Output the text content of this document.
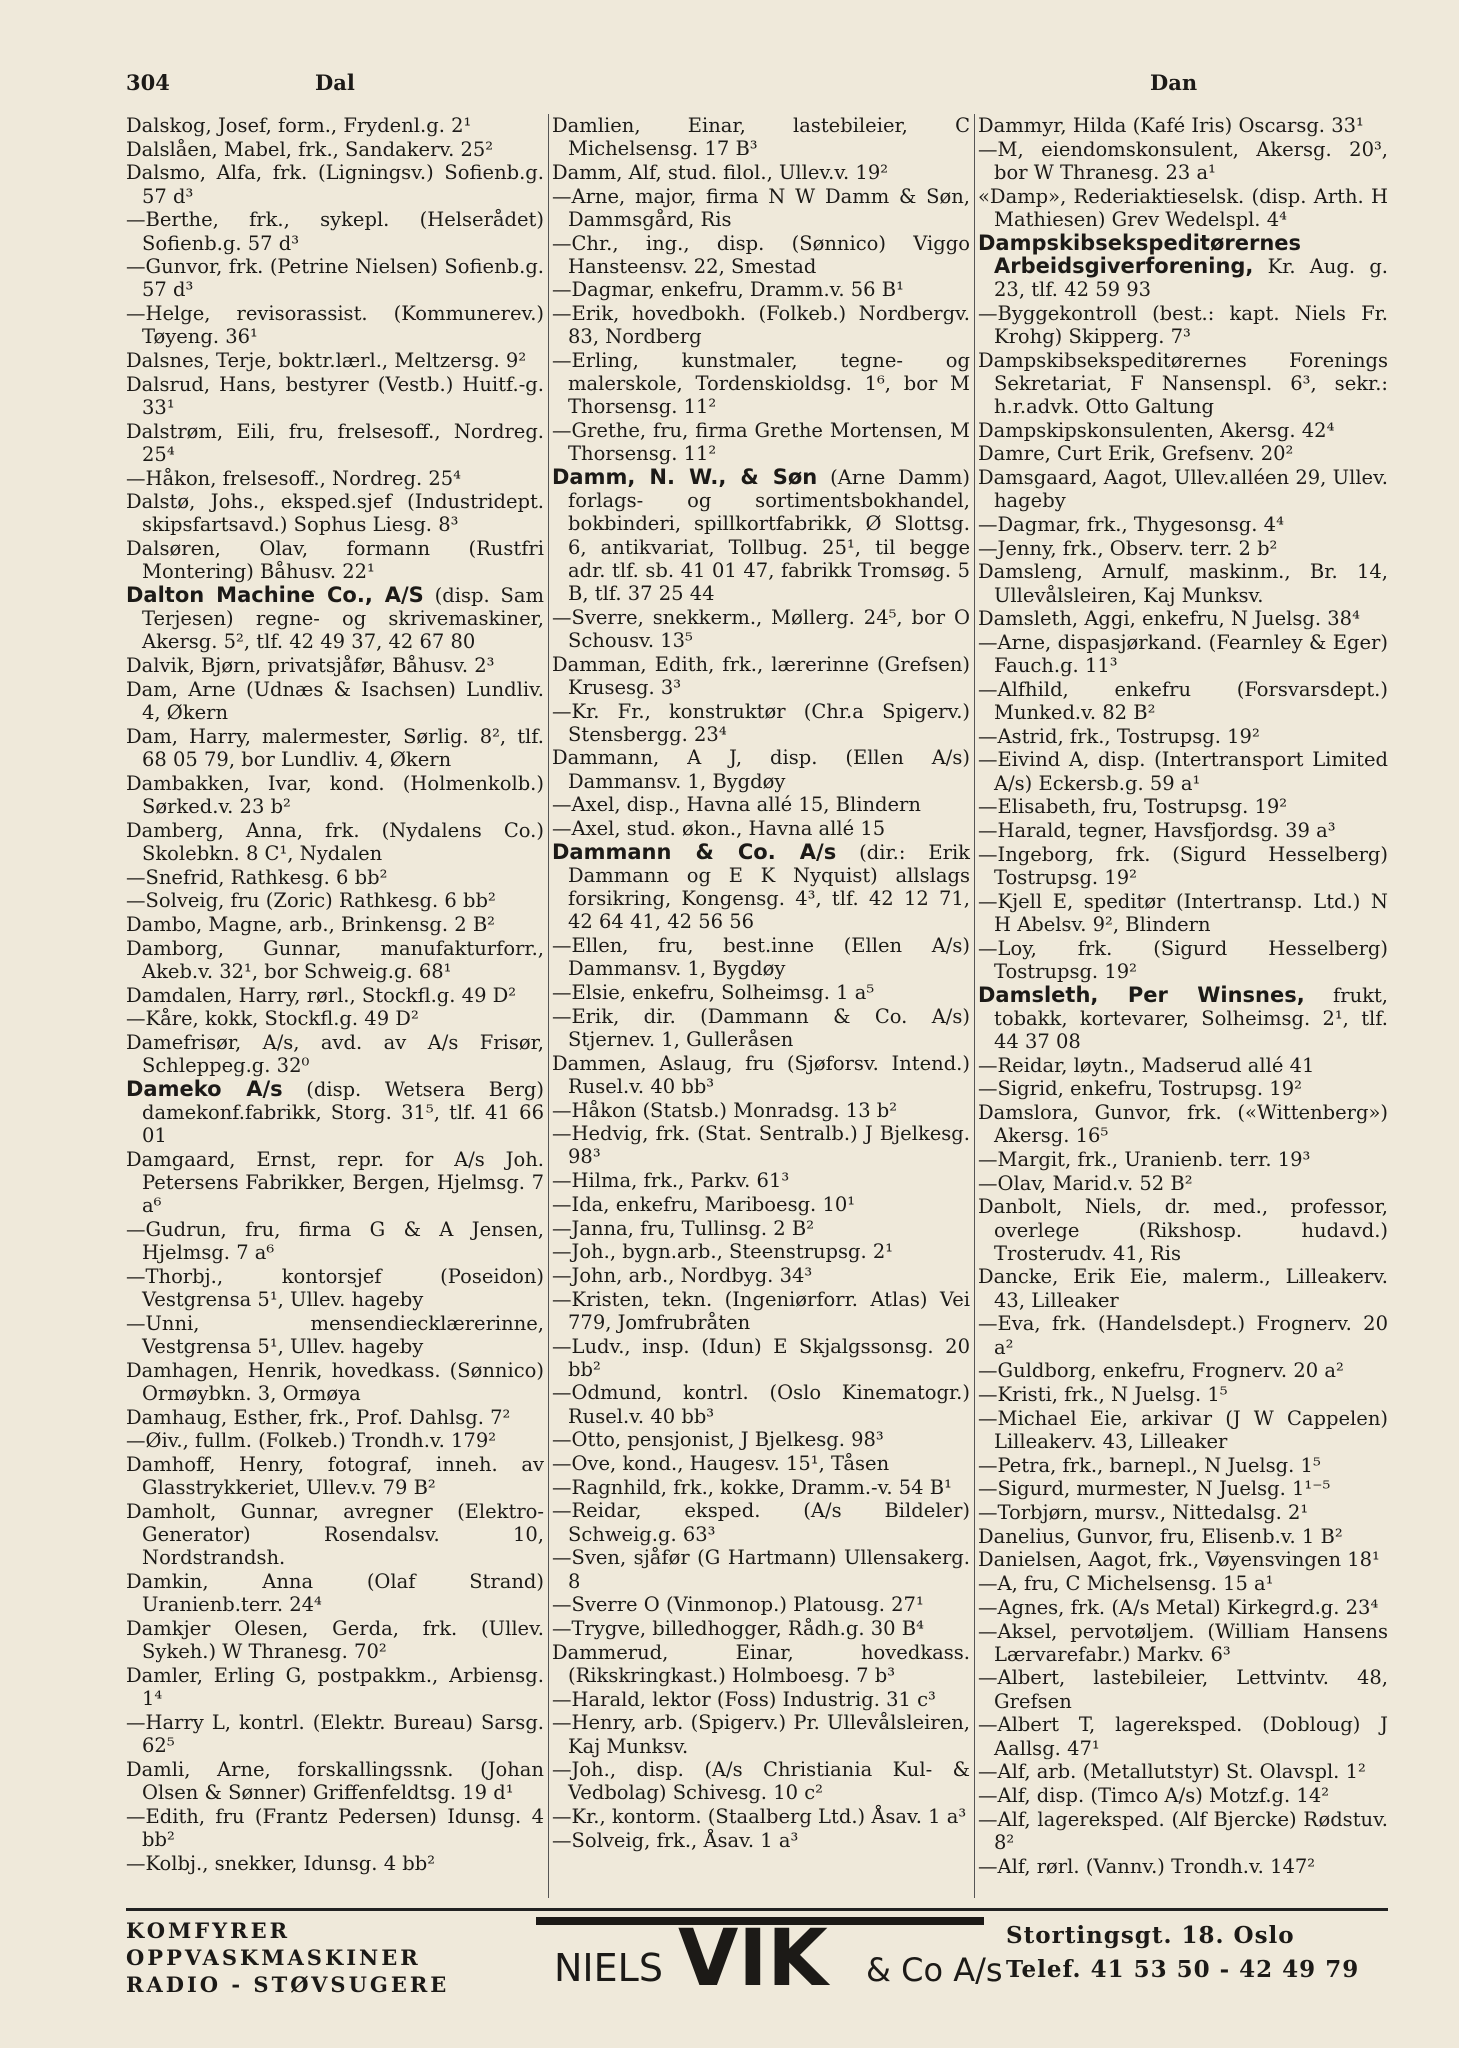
304	Dal	Dan
Dalskog, Josef, form., Frydenl.g. 2¹
Dalslåen, Mabel, frk., Sandakerv. 25²
Dalsmo, Alfa, frk. (Ligningsv.) Sofienb.g. 57 d³
—Berthe, frk., sykepl. (Helserådet) Sofienb.g. 57 d³
—Gunvor, frk. (Petrine Nielsen) Sofienb.g. 57 d³
—Helge, revisorassist. (Kommunerev.) Tøyeng. 36¹
Dalsnes, Terje, boktr.lærl., Meltzersg. 9²
Dalsrud, Hans, bestyrer (Vestb.) Huitf.-g. 33¹
Dalstrøm, Eili, fru, frelsesoff., Nordreg. 25⁴
—Håkon, frelsesoff., Nordreg. 25⁴
Dalstø, Johs., eksped.sjef (Industridept. skipsfartsavd.) Sophus Liesg. 8³
Dalsøren, Olav, formann (Rustfri Montering) Båhusv. 22¹
Dalton Machine Co., A/S (disp. Sam Terjesen) regne- og skrivemaskiner, Akersg. 5², tlf. 42 49 37, 42 67 80
Dalvik, Bjørn, privatsjåfør, Båhusv. 2³
Dam, Arne (Udnæs & Isachsen) Lundliv. 4, Økern
Dam, Harry, malermester, Sørlig. 8², tlf. 68 05 79, bor Lundliv. 4, Økern
Dambakken, Ivar, kond. (Holmenkolb.) Sørked.v. 23 b²
Damberg, Anna, frk. (Nydalens Co.) Skolebkn. 8 C¹, Nydalen
—Snefrid, Rathkesg. 6 bb²
—Solveig, fru (Zoric) Rathkesg. 6 bb²
Dambo, Magne, arb., Brinkensg. 2 B²
Damborg, Gunnar, manufakturforr., Akeb.v. 32¹, bor Schweig.g. 68¹
Damdalen, Harry, rørl., Stockfl.g. 49 D²
—Kåre, kokk, Stockfl.g. 49 D²
Damefrisør, A/s, avd. av A/s Frisør, Schleppeg.g. 32⁰
Dameko A/s (disp. Wetsera Berg) damekonf.fabrikk, Storg. 31⁵, tlf. 41 66 01
Damgaard, Ernst, repr. for A/s Joh. Petersens Fabrikker, Bergen, Hjelmsg. 7 a⁶
—Gudrun, fru, firma G & A Jensen, Hjelmsg. 7 a⁶
—Thorbj., kontorsjef (Poseidon) Vestgrensa 5¹, Ullev. hageby
—Unni, mensendiecklærerinne, Vestgrensa 5¹, Ullev. hageby
Damhagen, Henrik, hovedkass. (Sønnico) Ormøybkn. 3, Ormøya
Damhaug, Esther, frk., Prof. Dahlsg. 7²
—Øiv., fullm. (Folkeb.) Trondh.v. 179²
Damhoff, Henry, fotograf, inneh. av Glasstrykkeriet, Ullev.v. 79 B²
Damholt, Gunnar, avregner (Elektro-Generator) Rosendalsv. 10, Nordstrandsh.
Damkin, Anna (Olaf Strand) Uranienb.terr. 24⁴
Damkjer Olesen, Gerda, frk. (Ullev. Sykeh.) W Thranesg. 70²
Damler, Erling G, postpakkm., Arbiensg. 1⁴
—Harry L, kontrl. (Elektr. Bureau) Sarsg. 62⁵
Damli, Arne, forskallingssnk. (Johan Olsen & Sønner) Griffenfeldtsg. 19 d¹
—Edith, fru (Frantz Pedersen) Idunsg. 4 bb²
—Kolbj., snekker, Idunsg. 4 bb²
Damlien, Einar, lastebileier, C Michelsensg. 17 B³
Damm, Alf, stud. filol., Ullev.v. 19²
—Arne, major, firma N W Damm & Søn, Dammsgård, Ris
—Chr., ing., disp. (Sønnico) Viggo Hansteensv. 22, Smestad
—Dagmar, enkefru, Dramm.v. 56 B¹
—Erik, hovedbokh. (Folkeb.) Nordbergv. 83, Nordberg
—Erling, kunstmaler, tegne- og malerskole, Tordenskioldsg. 1⁶, bor M Thorsensg. 11²
—Grethe, fru, firma Grethe Mortensen, M Thorsensg. 11²
Damm, N. W., & Søn (Arne Damm) forlags- og sortimentsbokhandel, bokbinderi, spillkortfabrikk, Ø Slottsg. 6, antikvariat, Tollbug. 25¹, til begge adr. tlf. sb. 41 01 47, fabrikk Tromsøg. 5 B, tlf. 37 25 44
—Sverre, snekkerm., Møllerg. 24⁵, bor O Schousv. 13⁵
Damman, Edith, frk., lærerinne (Grefsen) Krusesg. 3³
—Kr. Fr., konstruktør (Chr.a Spigerv.) Stensbergg. 23⁴
Dammann, A J, disp. (Ellen A/s) Dammansv. 1, Bygdøy
—Axel, disp., Havna allé 15, Blindern
—Axel, stud. økon., Havna allé 15
Dammann & Co. A/s (dir.: Erik Dammann og E K Nyquist) allslags forsikring, Kongensg. 4³, tlf. 42 12 71, 42 64 41, 42 56 56
—Ellen, fru, best.inne (Ellen A/s) Dammansv. 1, Bygdøy
—Elsie, enkefru, Solheimsg. 1 a⁵
—Erik, dir. (Dammann & Co. A/s) Stjernev. 1, Gulleråsen
Dammen, Aslaug, fru (Sjøforsv. Intend.) Rusel.v. 40 bb³
—Håkon (Statsb.) Monradsg. 13 b²
—Hedvig, frk. (Stat. Sentralb.) J Bjelkesg. 98³
—Hilma, frk., Parkv. 61³
—Ida, enkefru, Mariboesg. 10¹
—Janna, fru, Tullinsg. 2 B²
—Joh., bygn.arb., Steenstrupsg. 2¹
—John, arb., Nordbyg. 34³
—Kristen, tekn. (Ingeniørforr. Atlas) Vei 779, Jomfrubråten
—Ludv., insp. (Idun) E Skjalgssonsg. 20 bb²
—Odmund, kontrl. (Oslo Kinematogr.) Rusel.v. 40 bb³
—Otto, pensjonist, J Bjelkesg. 98³
—Ove, kond., Haugesv. 15¹, Tåsen
—Ragnhild, frk., kokke, Dramm.-v. 54 B¹
—Reidar, eksped. (A/s Bildeler) Schweig.g. 63³
—Sven, sjåfør (G Hartmann) Ullensakerg. 8
—Sverre O (Vinmonop.) Platousg. 27¹
—Trygve, billedhogger, Rådh.g. 30 B⁴
Dammerud, Einar, hovedkass. (Rikskringkast.) Holmboesg. 7 b³
—Harald, lektor (Foss) Industrig. 31 c³
—Henry, arb. (Spigerv.) Pr. Ullevålsleiren, Kaj Munksv.
—Joh., disp. (A/s Christiania Kul- & Vedbolag) Schivesg. 10 c²
—Kr., kontorm. (Staalberg Ltd.) Åsav. 1 a³
—Solveig, frk., Åsav. 1 a³
Dammyr, Hilda (Kafé Iris) Oscarsg. 33¹
—M, eiendomskonsulent, Akersg. 20³, bor W Thranesg. 23 a¹
«Damp», Rederiaktieselsk. (disp. Arth. H Mathiesen) Grev Wedelspl. 4⁴
Dampskibsekspeditørernes Arbeidsgiverforening, Kr. Aug. g. 23, tlf. 42 59 93
—Byggekontroll (best.: kapt. Niels Fr. Krohg) Skipperg. 7³
Dampskibsekspeditørernes Forenings Sekretariat, F Nansenspl. 6³, sekr.: h.r.advk. Otto Galtung
Dampskipskonsulenten, Akersg. 42⁴
Damre, Curt Erik, Grefsenv. 20²
Damsgaard, Aagot, Ullev.alléen 29, Ullev. hageby
—Dagmar, frk., Thygesonsg. 4⁴
—Jenny, frk., Observ. terr. 2 b²
Damsleng, Arnulf, maskinm., Br. 14, Ullevålsleiren, Kaj Munksv.
Damsleth, Aggi, enkefru, N Juelsg. 38⁴
—Arne, dispasjørkand. (Fearnley & Eger) Fauch.g. 11³
—Alfhild, enkefru (Forsvarsdept.) Munked.v. 82 B²
—Astrid, frk., Tostrupsg. 19²
—Eivind A, disp. (Intertransport Limited A/s) Eckersb.g. 59 a¹
—Elisabeth, fru, Tostrupsg. 19²
—Harald, tegner, Havsfjordsg. 39 a³
—Ingeborg, frk. (Sigurd Hesselberg) Tostrupsg. 19²
—Kjell E, speditør (Intertransp. Ltd.) N H Abelsv. 9², Blindern
—Loy, frk. (Sigurd Hesselberg) Tostrupsg. 19²
Damsleth, Per Winsnes, frukt, tobakk, kortevarer, Solheimsg. 2¹, tlf. 44 37 08
—Reidar, løytn., Madserud allé 41
—Sigrid, enkefru, Tostrupsg. 19²
Damslora, Gunvor, frk. («Wittenberg») Akersg. 16⁵
—Margit, frk., Uranienb. terr. 19³
—Olav, Marid.v. 52 B²
Danbolt, Niels, dr. med., professor, overlege (Rikshosp. hudavd.) Trosterudv. 41, Ris
Dancke, Erik Eie, malerm., Lilleakerv. 43, Lilleaker
—Eva, frk. (Handelsdept.) Frognerv. 20 a²
—Guldborg, enkefru, Frognerv. 20 a²
—Kristi, frk., N Juelsg. 1⁵
—Michael Eie, arkivar (J W Cappelen) Lilleakerv. 43, Lilleaker
—Petra, frk., barnepl., N Juelsg. 1⁵
—Sigurd, murmester, N Juelsg. 1¹⁻⁵
—Torbjørn, mursv., Nittedalsg. 2¹
Danelius, Gunvor, fru, Elisenb.v. 1 B²
Danielsen, Aagot, frk., Vøyensvingen 18¹
—A, fru, C Michelsensg. 15 a¹
—Agnes, frk. (A/s Metal) Kirkegrd.g. 23⁴
—Aksel, pervotøljem. (William Hansens Lærvarefabr.) Markv. 6³
—Albert, lastebileier, Lettvintv. 48, Grefsen
—Albert T, lagereksped. (Dobloug) J Aallsg. 47¹
—Alf, arb. (Metallutstyr) St. Olavspl. 1²
—Alf, disp. (Timco A/s) Motzf.g. 14²
—Alf, lagereksped. (Alf Bjercke) Rødstuv. 8²
—Alf, rørl. (Vannv.) Trondh.v. 147²
KOMFYRER
OPPVASKMASKINER
RADIO - STØVSUGERE	NIELS VIK & Co A/s
Stortingsgt. 18. Oslo
Telef. 41 53 50 - 42 49 79
